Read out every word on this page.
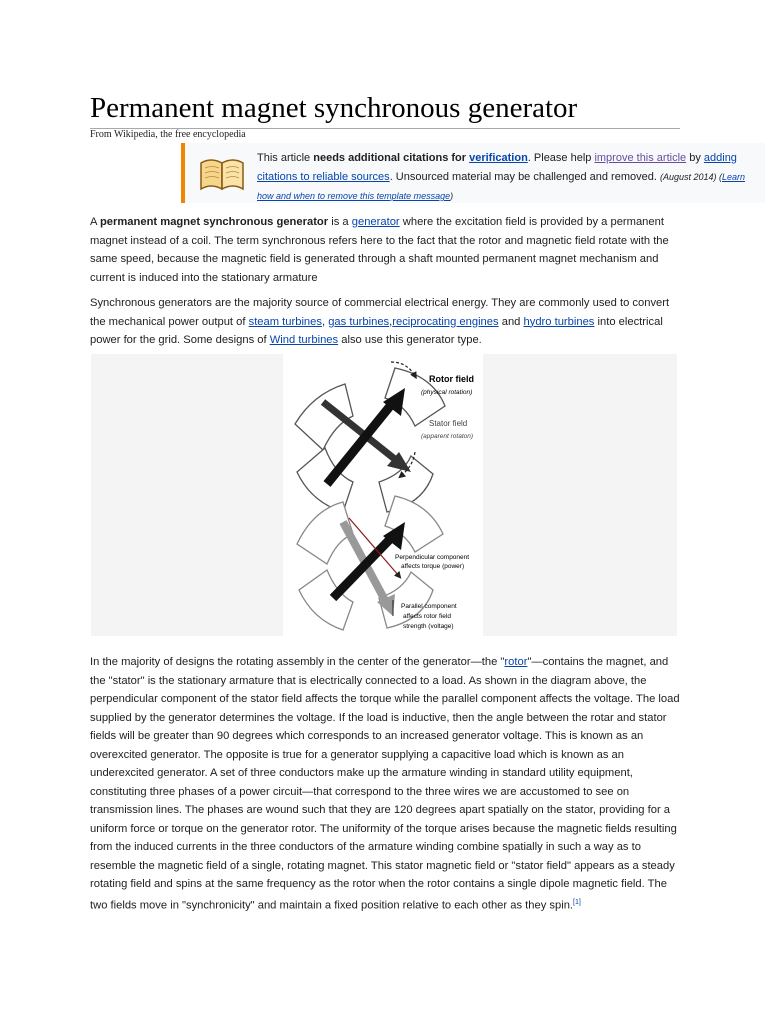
Permanent magnet synchronous generator
From Wikipedia, the free encyclopedia
This article needs additional citations for verification. Please help improve this article by adding citations to reliable sources. Unsourced material may be challenged and removed. (August 2014) (Learn how and when to remove this template message)

A permanent magnet synchronous generator is a generator where the excitation field is provided by a permanent magnet instead of a coil. The term synchronous refers here to the fact that the rotor and magnetic field rotate with the same speed, because the magnetic field is generated through a shaft mounted permanent magnet mechanism and current is induced into the stationary armature

Synchronous generators are the majority source of commercial electrical energy. They are commonly used to convert the mechanical power output of steam turbines, gas turbines,reciprocating engines and hydro turbines into electrical power for the grid. Some designs of Wind turbines also use this generator type.

Rotor field
(physical rotation)
Stator field
(apparent rotaton)
Perpendicular component
affects torque (power)
Parallel component
affects rotor field
strength (voltage)

In the majority of designs the rotating assembly in the center of the generator—the "rotor"—contains the magnet, and the "stator" is the stationary armature that is electrically connected to a load. As shown in the diagram above, the perpendicular component of the stator field affects the torque while the parallel component affects the voltage. The load supplied by the generator determines the voltage. If the load is inductive, then the angle between the rotar and stator fields will be greater than 90 degrees which corresponds to an increased generator voltage. This is known as an overexcited generator. The opposite is true for a generator supplying a capacitive load which is known as an underexcited generator. A set of three conductors make up the armature winding in standard utility equipment, constituting three phases of a power circuit—that correspond to the three wires we are accustomed to see on transmission lines. The phases are wound such that they are 120 degrees apart spatially on the stator, providing for a uniform force or torque on the generator rotor. The uniformity of the torque arises because the magnetic fields resulting from the induced currents in the three conductors of the armature winding combine spatially in such a way as to resemble the magnetic field of a single, rotating magnet. This stator magnetic field or "stator field" appears as a steady rotating field and spins at the same frequency as the rotor when the rotor contains a single dipole magnetic field. The two fields move in "synchronicity" and maintain a fixed position relative to each other as they spin.[1]
